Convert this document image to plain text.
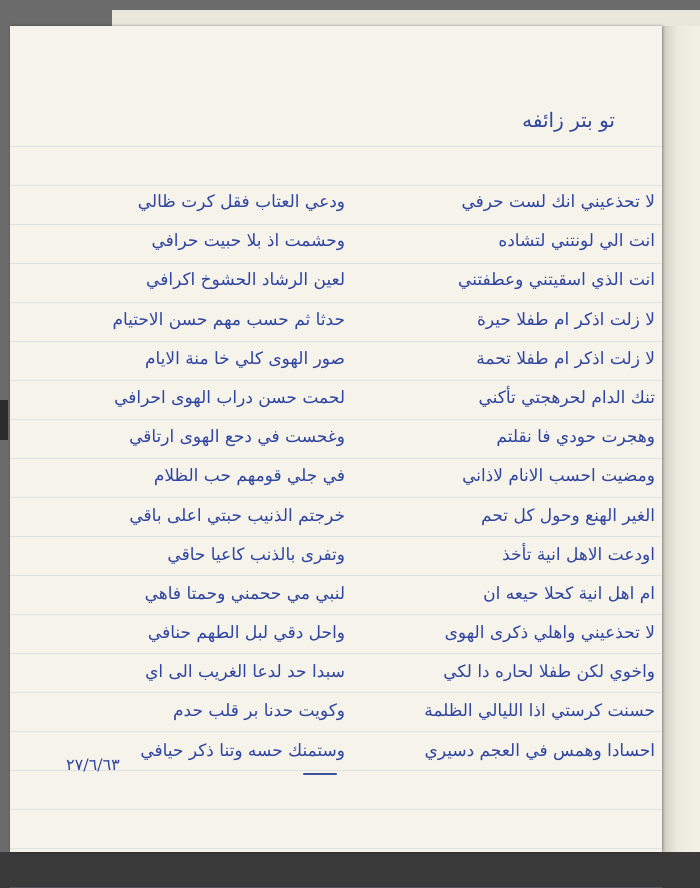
تو بتر زائفه
لا تحذعيني انك لست حرفي
انت الي لونتني لتشاده
انت الذي اسقيتني وعطفتني
لا زلت اذكر ام طفلا حيرة
لا زلت اذكر ام طفلا تحمة
تنك الدام لحرهجتي تأكني
وهجرت حودي فا نقلتم
ومضيت احسب الانام لاذاني
الغير الهنع وحول كل تحم
اودعت الاهل انية تأخذ
ام اهل انية كحلا حيعه ان
لا تحذعيني واهلي ذكرى الهوى
واخوي لكن طفلا لحاره دا لكي
حسنت كرستي اذا الليالي الظلمة
احسادا وهمس في العجم دسيري
ودعي العتاب فقل كرت ظالي
وحشمت اذ بلا حبيت حرافي
لعين الرشاد الحشوخ اكرافي
حدثا ثم حسب مهم حسن الاحتيام
صور الهوى كلي خا منة الايام
لحمت حسن دراب الهوى احرافي
وغحست في دحع الهوى ارتاقي
في جلي قومهم حب الظلام
خرجتم الذنيب حبتي اعلى باقي
وتفرى بالذنب كاعيا حاقي
لنبي مي ححمني وحمتا فاهي
واحل دقي لبل الطهم حنافي
سبدا حد لدعا الغريب الى اي
وكويت حدنا بر قلب حدم
وستمنك حسه وتنا ذكر حيافي
٢٧/٦/٦٣
